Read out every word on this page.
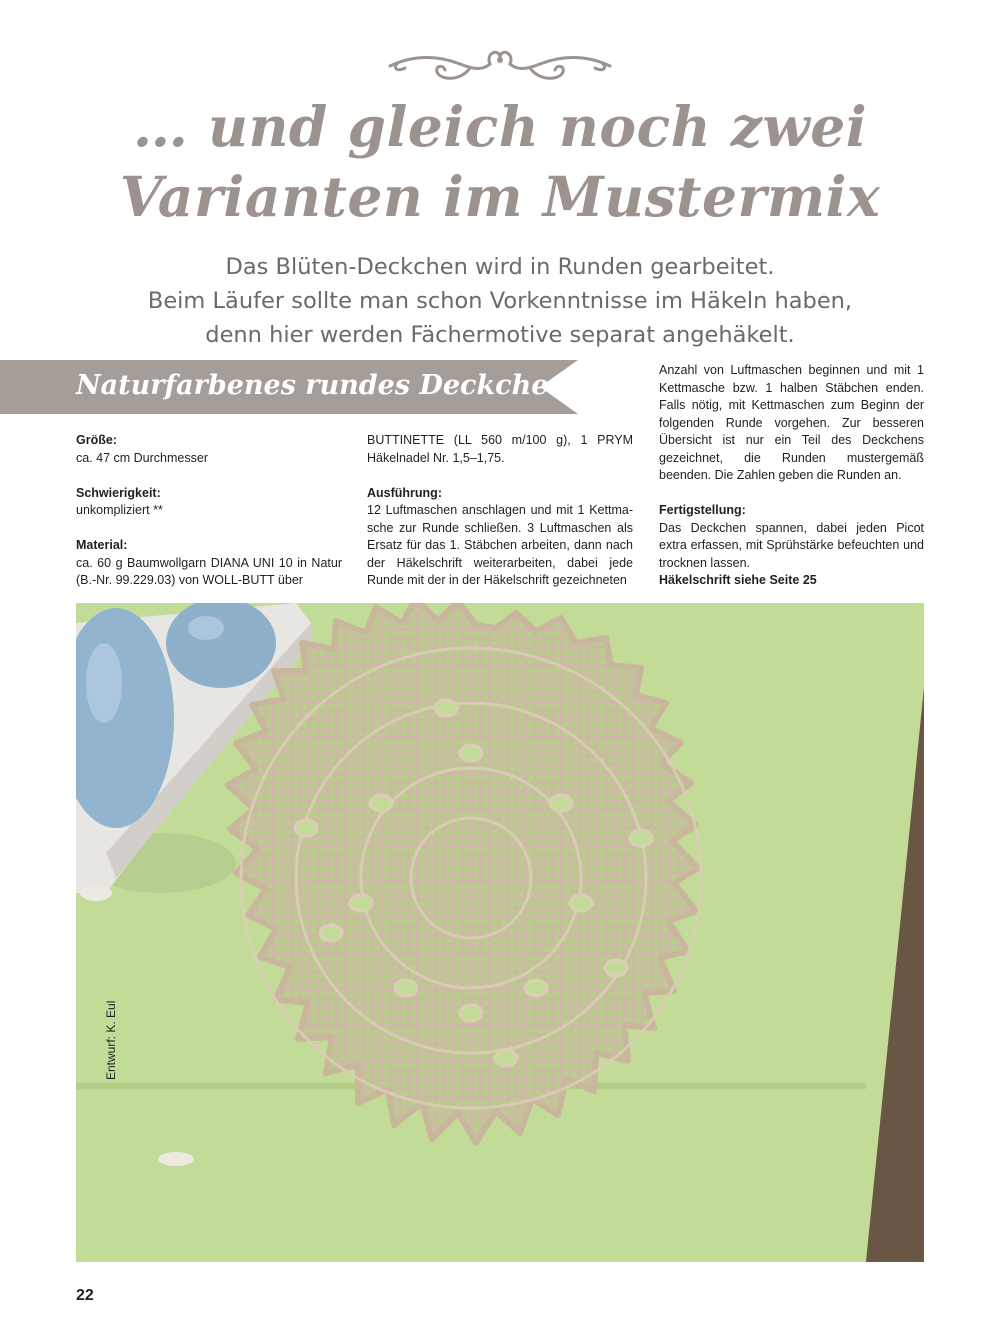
… und gleich noch zwei
Varianten im Mustermix
Das Blüten-Deckchen wird in Runden gearbeitet.
Beim Läufer sollte man schon Vorkenntnisse im Häkeln haben,
denn hier werden Fächermotive separat angehäkelt.
Naturfarbenes rundes Deckchen

Größe:

ca. 47 cm Durchmesser

Schwierigkeit:

unkompliziert **

Material:

ca. 60 g Baumwollgarn DIANA UNI 10 in Natur (B.-Nr. 99.229.03) von WOLL-BUTT über

BUTTINETTE (LL 560 m/100 g), 1 PRYM Häkelnadel Nr. 1,5–1,75.

Ausführung:

12 Luftmaschen anschlagen und mit 1 Kettmasche zur Runde schließen. 3 Luftmaschen als Ersatz für das 1. Stäbchen arbeiten, dann nach der Häkelschrift weiterarbeiten, dabei jede Runde mit der in der Häkelschrift gezeichneten

Anzahl von Luftmaschen beginnen und mit 1 Kettmasche bzw. 1 halben Stäbchen enden. Falls nötig, mit Kettmaschen zum Beginn der folgenden Runde vorgehen. Zur besseren Übersicht ist nur ein Teil des Deckchens gezeichnet, die Runden mustergemäß beenden. Die Zahlen geben die Runden an.

Fertigstellung:

Das Deckchen spannen, dabei jeden Picot extra erfassen, mit Sprühstärke befeuchten und trocknen lassen.

Häkelschrift siehe Seite 25

Entwurf: K. Eul
22
